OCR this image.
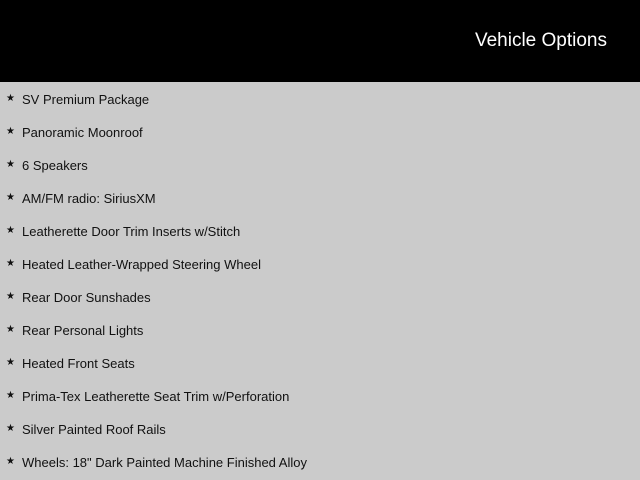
Vehicle Options
★ SV Premium Package
★ Panoramic Moonroof
★ 6 Speakers
★ AM/FM radio: SiriusXM
★ Leatherette Door Trim Inserts w/Stitch
★ Heated Leather-Wrapped Steering Wheel
★ Rear Door Sunshades
★ Rear Personal Lights
★ Heated Front Seats
★ Prima-Tex Leatherette Seat Trim w/Perforation
★ Silver Painted Roof Rails
★ Wheels: 18" Dark Painted Machine Finished Alloy
